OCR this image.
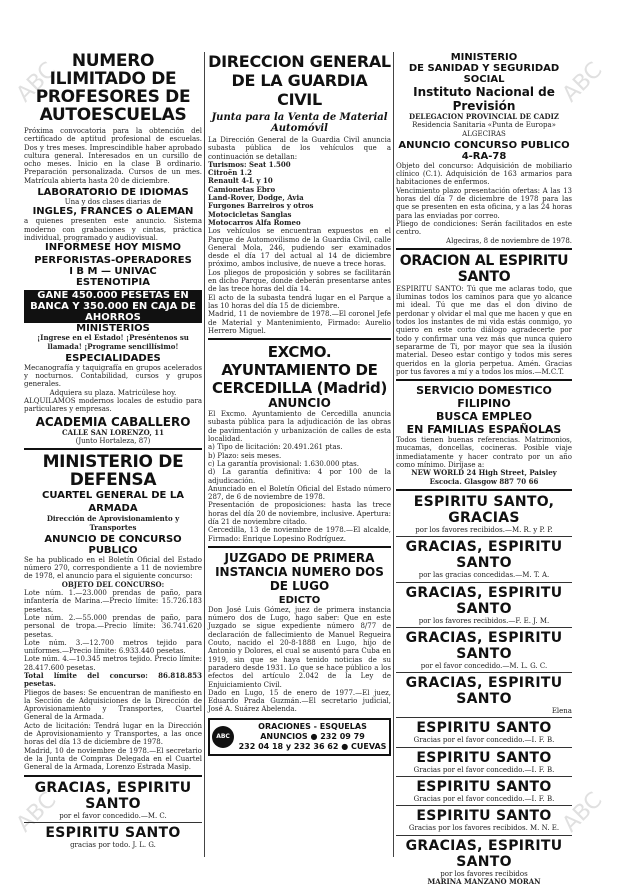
ABC	ABC
ABC	ABC

NUMERO ILIMITADO DE PROFESORES DE AUTOESCUELAS

Próxima convocatoria para la obtención del certificado de aptitud profesional de escuelas. Dos y tres meses. Imprescindible haber aprobado cultura general. Interesados en un cursillo de ocho meses. Inicio en la clase B ordinario. Preparación personalizada. Cursos de un mes. Matrícula abierta hasta 20 de diciembre.

LABORATORIO DE IDIOMAS

Una y dos clases diarias de

INGLES, FRANCES o ALEMAN

a quienes presenten este anuncio. Sistema moderno con grabaciones y cintas, práctica individual, programado y audiovisual.

INFORMESE HOY MISMO

PERFORISTAS-OPERADORES

I B M — UNIVAC

ESTENOTIPIA

GANE 450.000 PESETAS EN BANCA Y 350.000 EN CAJA DE AHORROS

MINISTERIOS

¡Ingrese en el Estado! ¡Preséntenos su llamada! ¡Programe sencillísimo!

ESPECIALIDADES

Mecanografía y taquigrafía en grupos acelerados y nocturnos. Contabilidad, cursos y grupos generales.

Adquiera su plaza. Matricúlese hoy.

ALQUILAMOS modernos locales de estudio para particulares y empresas.

ACADEMIA CABALLERO

CALLE SAN LORENZO, 11

(Junto Hortaleza, 87)

MINISTERIO DE DEFENSA

CUARTEL GENERAL DE LA ARMADA

Dirección de Aprovisionamiento y Transportes

ANUNCIO DE CONCURSO PUBLICO

Se ha publicado en el Boletín Oficial del Estado número 270, correspondiente a 11 de noviembre de 1978, el anuncio para el siguiente concurso:

OBJETO DEL CONCURSO:

Lote núm. 1.—23.000 prendas de paño, para infantería de Marina.—Precio límite: 15.726.183 pesetas.

Lote núm. 2.—55.000 prendas de paño, para personal de tropa.—Precio límite: 36.741.620 pesetas.

Lote núm. 3.—12.700 metros tejido para uniformes.—Precio límite: 6.933.440 pesetas.

Lote núm. 4.—10.345 metros tejido. Precio límite: 28.417.600 pesetas.

Total límite del concurso: 86.818.853 pesetas.

Pliegos de bases: Se encuentran de manifiesto en la Sección de Adquisiciones de la Dirección de Aprovisionamiento y Transportes, Cuartel General de la Armada.

Acto de licitación: Tendrá lugar en la Dirección de Aprovisionamiento y Transportes, a las once horas del día 13 de diciembre de 1978.

Madrid, 10 de noviembre de 1978.—El secretario de la Junta de Compras Delegada en el Cuartel General de la Armada, Lorenzo Estrada Masip.

GRACIAS, ESPIRITU SANTO

por el favor concedido.—M. C.

ESPIRITU SANTO

gracias por todo. J. L. G.

DIRECCION GENERAL DE LA GUARDIA CIVIL

Junta para la Venta de Material Automóvil

La Dirección General de la Guardia Civil anuncia subasta pública de los vehículos que a continuación se detallan:

Turismos: Seat 1.500

Citroën 1.2

Renault 4-L y 10

Camionetas Ebro

Land-Rover, Dodge, Avia

Furgones Barreiros y otros

Motocicletas Sanglas

Motocarros Alfa Romeo

Los vehículos se encuentran expuestos en el Parque de Automovilismo de la Guardia Civil, calle General Mola, 246, pudiendo ser examinados desde el día 17 del actual al 14 de diciembre próximo, ambos inclusive, de nueve a trece horas.

Los pliegos de proposición y sobres se facilitarán en dicho Parque, donde deberán presentarse antes de las trece horas del día 14.

El acto de la subasta tendrá lugar en el Parque a las 10 horas del día 15 de diciembre.

Madrid, 11 de noviembre de 1978.—El coronel Jefe de Material y Mantenimiento, Firmado: Aurelio Herrero Miguel.

EXCMO. AYUNTAMIENTO DE CERCEDILLA (Madrid)

ANUNCIO

El Excmo. Ayuntamiento de Cercedilla anuncia subasta pública para la adjudicación de las obras de pavimentación y urbanización de calles de esta localidad.

a) Tipo de licitación: 20.491.261 ptas.

b) Plazo: seis meses.

c) La garantía provisional: 1.630.000 ptas.

d) La garantía definitiva: 4 por 100 de la adjudicación.

Anunciado en el Boletín Oficial del Estado número 287, de 6 de noviembre de 1978.

Presentación de proposiciones: hasta las trece horas del día 20 de noviembre, inclusive. Apertura: día 21 de noviembre citado.

Cercedilla, 13 de noviembre de 1978.—El alcalde, Firmado: Enrique Lopesino Rodríguez.

JUZGADO DE PRIMERA INSTANCIA NUMERO DOS DE LUGO

EDICTO

Don José Luis Gómez, juez de primera instancia número dos de Lugo, hago saber: Que en este Juzgado se sigue expediente número 8/77 de declaración de fallecimiento de Manuel Regueira Couto, nacido el 20-8-1888 en Lugo, hijo de Antonio y Dolores, el cual se ausentó para Cuba en 1919, sin que se haya tenido noticias de su paradero desde 1931. Lo que se hace público a los efectos del artículo 2.042 de la Ley de Enjuiciamiento Civil.

Dado en Lugo, 15 de enero de 1977.—El juez, Eduardo Prada Guzmán.—El secretario judicial, José A. Suárez Abelenda.

ABC

ORACIONES - ESQUELAS

ANUNCIOS ● 232 09 79

232 04 18 y 232 36 62 ● CUEVAS

MINISTERIO

DE SANIDAD Y SEGURIDAD SOCIAL

Instituto Nacional de Previsión

DELEGACION PROVINCIAL DE CADIZ

Residencia Sanitaria «Punta de Europa» ALGECIRAS

ANUNCIO CONCURSO PUBLICO 4-RA-78

Objeto del concurso: Adquisición de mobiliario clínico (C.1). Adquisición de 163 armarios para habitaciones de enfermos.

Vencimiento plazo presentación ofertas: A las 13 horas del día 7 de diciembre de 1978 para las que se presenten en esta oficina, y a las 24 horas para las enviadas por correo.

Pliego de condiciones: Serán facilitados en este centro.

Algeciras, 8 de noviembre de 1978.

ORACION AL ESPIRITU SANTO

ESPIRITU SANTO: Tú que me aclaras todo, que iluminas todos los caminos para que yo alcance mi ideal. Tú que me das el don divino de perdonar y olvidar el mal que me hacen y que en todos los instantes de mi vida estás conmigo, yo quiero en este corto diálogo agradecerte por todo y confirmar una vez más que nunca quiero separarme de Ti, por mayor que sea la ilusión material. Deseo estar contigo y todos mis seres queridos en la gloria perpetua. Amén. Gracias por tus favores a mí y a todos los míos.—M.C.T.

SERVICIO DOMESTICO FILIPINO

BUSCA EMPLEO

EN FAMILIAS ESPAÑOLAS

Todos tienen buenas referencias. Matrimonios, mucamas, doncellas, cocineras. Posible viaje inmediatamente y hacer contrato por un año como mínimo. Diríjase a:

NEW WORLD 24 High Street, Paisley Escocia. Glasgow 887 70 66

ESPIRITU SANTO, GRACIAS

por los favores recibidos.—M. R. y P. P.

GRACIAS, ESPIRITU SANTO

por las gracias concedidas.—M. T. A.

GRACIAS, ESPIRITU SANTO

por los favores recibidos.—F. E. J. M.

GRACIAS, ESPIRITU SANTO

por el favor concedido.—M. L. G. C.

GRACIAS, ESPIRITU SANTO

Elena

ESPIRITU SANTO

Gracias por el favor concedido.—I. F. B.

ESPIRITU SANTO

Gracias por el favor concedido.—I. F. B.

ESPIRITU SANTO

Gracias por el favor concedido.—I. F. B.

ESPIRITU SANTO

Gracias por los favores recibidos. M. N. E.

GRACIAS, ESPIRITU SANTO

por los favores recibidos

MARINA MANZANO MORAN
